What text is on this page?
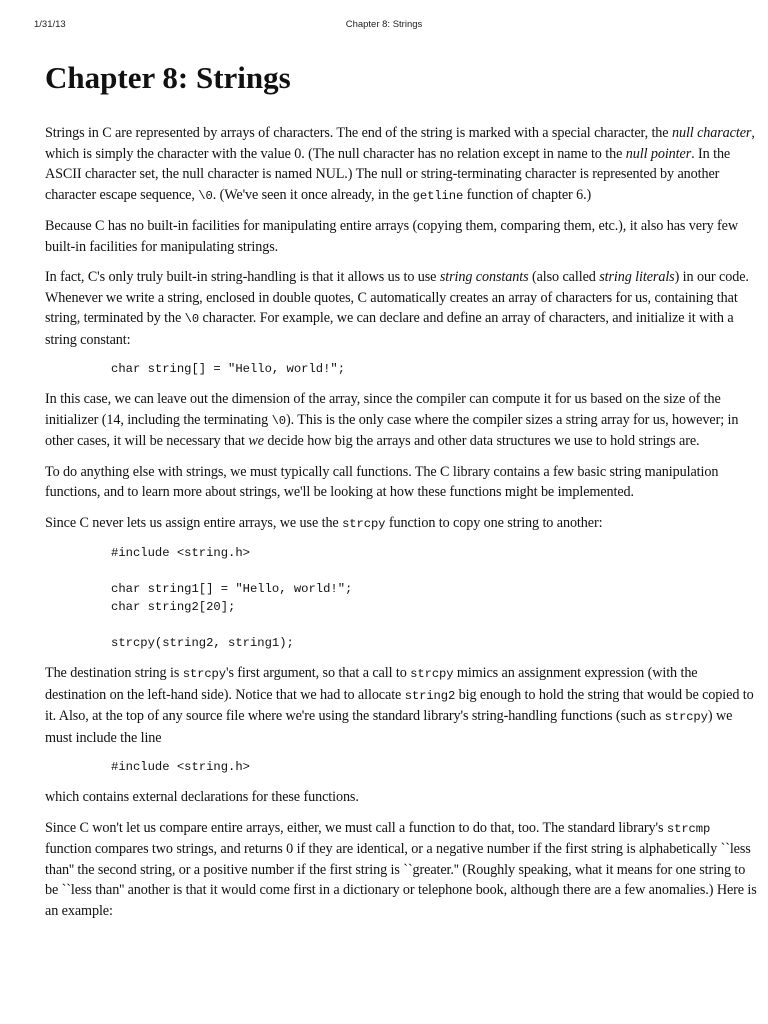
1/31/13	Chapter 8: Strings
Chapter 8: Strings

Strings in C are represented by arrays of characters. The end of the string is marked with a special character, the null character, which is simply the character with the value 0. (The null character has no relation except in name to the null pointer. In the ASCII character set, the null character is named NUL.) The null or string-terminating character is represented by another character escape sequence, \0. (We've seen it once already, in the getline function of chapter 6.)

Because C has no built-in facilities for manipulating entire arrays (copying them, comparing them, etc.), it also has very few built-in facilities for manipulating strings.

In fact, C's only truly built-in string-handling is that it allows us to use string constants (also called string literals) in our code. Whenever we write a string, enclosed in double quotes, C automatically creates an array of characters for us, containing that string, terminated by the \0 character. For example, we can declare and define an array of characters, and initialize it with a string constant:

char string[] = "Hello, world!";

In this case, we can leave out the dimension of the array, since the compiler can compute it for us based on the size of the initializer (14, including the terminating \0). This is the only case where the compiler sizes a string array for us, however; in other cases, it will be necessary that we decide how big the arrays and other data structures we use to hold strings are.

To do anything else with strings, we must typically call functions. The C library contains a few basic string manipulation functions, and to learn more about strings, we'll be looking at how these functions might be implemented.

Since C never lets us assign entire arrays, we use the strcpy function to copy one string to another:

#include <string.h>

char string1[] = "Hello, world!";
char string2[20];

strcpy(string2, string1);

The destination string is strcpy's first argument, so that a call to strcpy mimics an assignment expression (with the destination on the left-hand side). Notice that we had to allocate string2 big enough to hold the string that would be copied to it. Also, at the top of any source file where we're using the standard library's string-handling functions (such as strcpy) we must include the line

#include <string.h>

which contains external declarations for these functions.

Since C won't let us compare entire arrays, either, we must call a function to do that, too. The standard library's strcmp function compares two strings, and returns 0 if they are identical, or a negative number if the first string is alphabetically ``less than'' the second string, or a positive number if the first string is ``greater.'' (Roughly speaking, what it means for one string to be ``less than'' another is that it would come first in a dictionary or telephone book, although there are a few anomalies.) Here is an example:
